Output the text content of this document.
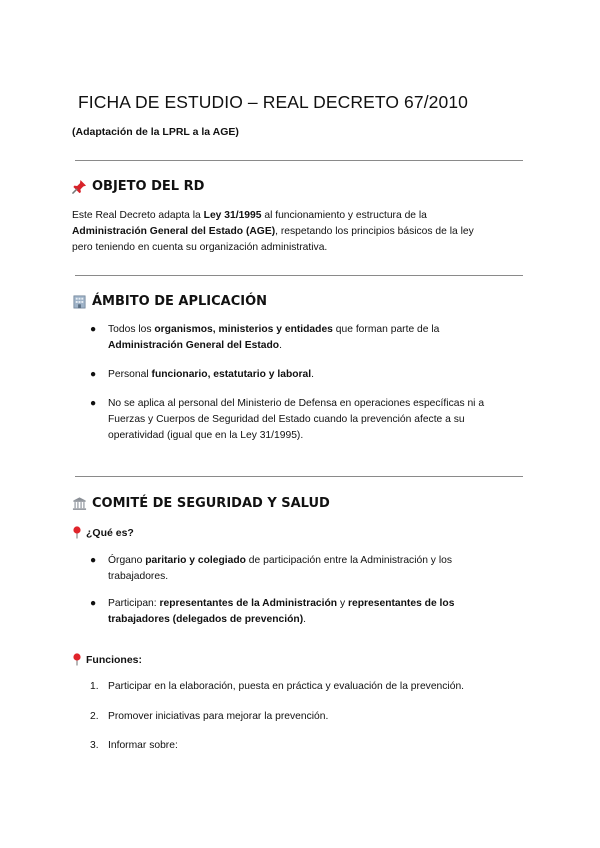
FICHA DE ESTUDIO – REAL DECRETO 67/2010

(Adaptación de la LPRL a la AGE)

OBJETO DEL RD

Este Real Decreto adapta la Ley 31/1995 al funcionamiento y estructura de la
Administración General del Estado (AGE), respetando los principios básicos de la ley
pero teniendo en cuenta su organización administrativa.

ÁMBITO DE APLICACIÓN
● Todos los organismos, ministerios y entidades que forman parte de la
Administración General del Estado.
● Personal funcionario, estatutario y laboral.
● No se aplica al personal del Ministerio de Defensa en operaciones específicas ni a
Fuerzas y Cuerpos de Seguridad del Estado cuando la prevención afecte a su
operatividad (igual que en la Ley 31/1995).
COMITÉ DE SEGURIDAD Y SALUD
¿Qué es?
● Órgano paritario y colegiado de participación entre la Administración y los
trabajadores.
● Participan: representantes de la Administración y representantes de los
trabajadores (delegados de prevención).
Funciones:
1. Participar en la elaboración, puesta en práctica y evaluación de la prevención.
2. Promover iniciativas para mejorar la prevención.
3. Informar sobre:
